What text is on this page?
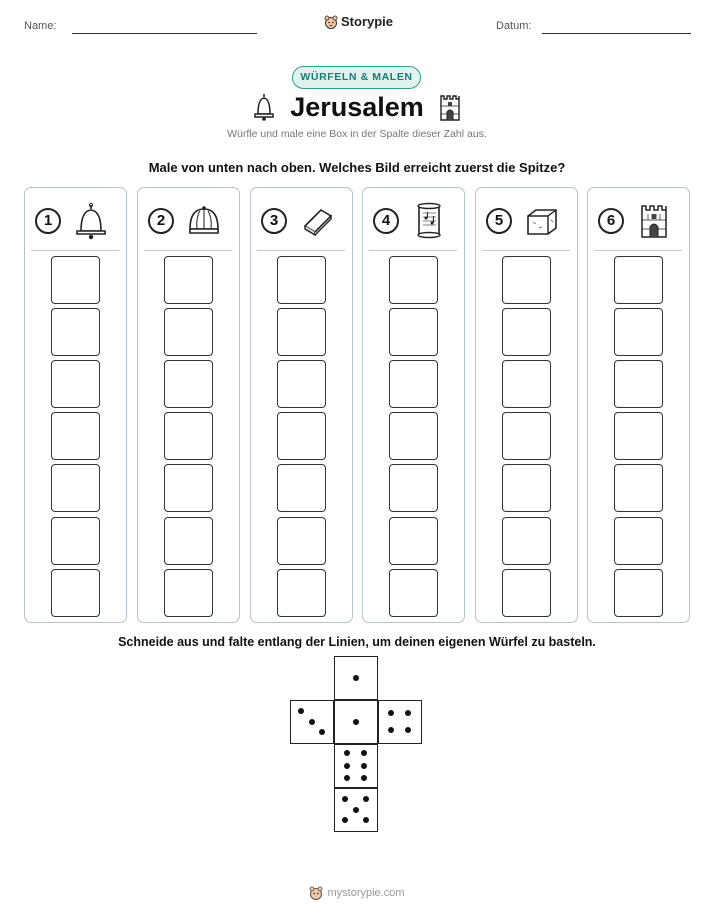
Name:	Storypie	Datum:
WÜRFELN & MALEN
Jerusalem
Würfle und male eine Box in der Spalte dieser Zahl aus.
Male von unten nach oben. Welches Bild erreicht zuerst die Spitze?
1	2	3	4	5	6
Schneide aus und falte entlang der Linien, um deinen eigenen Würfel zu basteln.
mystorypie.com
